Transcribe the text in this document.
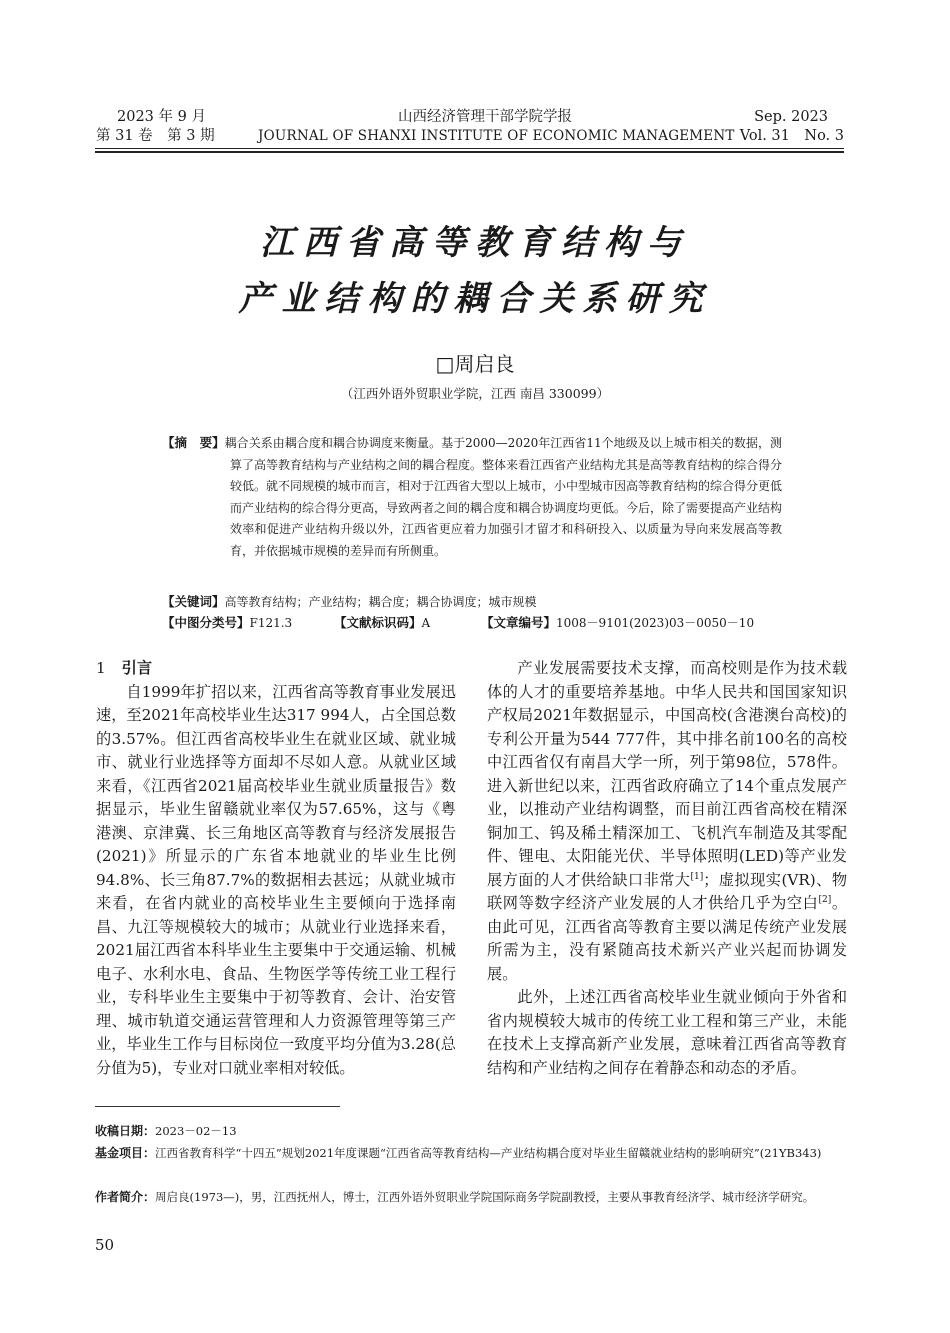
2023 年 9 月
第 31 卷　第 3 期
山西经济管理干部学院学报
JOURNAL OF SHANXI INSTITUTE OF ECONOMIC MANAGEMENT
Sep. 2023
Vol. 31　No. 3
江西省高等教育结构与
产业结构的耦合关系研究
□周启良
（江西外语外贸职业学院，江西 南昌 330099）

【摘　要】耦合关系由耦合度和耦合协调度来衡量。基于2000—2020年江西省11个地级及以上城市相关的数据，测算了高等教育结构与产业结构之间的耦合程度。整体来看江西省产业结构尤其是高等教育结构的综合得分较低。就不同规模的城市而言，相对于江西省大型以上城市，小中型城市因高等教育结构的综合得分更低而产业结构的综合得分更高，导致两者之间的耦合度和耦合协调度均更低。今后，除了需要提高产业结构效率和促进产业结构升级以外，江西省更应着力加强引才留才和科研投入、以质量为导向来发展高等教育，并依据城市规模的差异而有所侧重。

【关键词】高等教育结构；产业结构；耦合度；耦合协调度；城市规模
【中图分类号】F121.3	【文献标识码】A	【文章编号】1008－9101(2023)03－0050－10

1 引言

自1999年扩招以来，江西省高等教育事业发展迅速，至2021年高校毕业生达317 994人，占全国总数的3.57%。但江西省高校毕业生在就业区域、就业城市、就业行业选择等方面却不尽如人意。从就业区域来看，《江西省2021届高校毕业生就业质量报告》数据显示，毕业生留赣就业率仅为57.65%，这与《粤港澳、京津冀、长三角地区高等教育与经济发展报告(2021)》所显示的广东省本地就业的毕业生比例94.8%、长三角87.7%的数据相去甚远；从就业城市来看，在省内就业的高校毕业生主要倾向于选择南昌、九江等规模较大的城市；从就业行业选择来看，2021届江西省本科毕业生主要集中于交通运输、机械电子、水利水电、食品、生物医学等传统工业工程行业，专科毕业生主要集中于初等教育、会计、治安管理、城市轨道交通运营管理和人力资源管理等第三产业，毕业生工作与目标岗位一致度平均分值为3.28(总分值为5)，专业对口就业率相对较低。

产业发展需要技术支撑，而高校则是作为技术载体的人才的重要培养基地。中华人民共和国国家知识产权局2021年数据显示，中国高校(含港澳台高校)的专利公开量为544 777件，其中排名前100名的高校中江西省仅有南昌大学一所，列于第98位，578件。进入新世纪以来，江西省政府确立了14个重点发展产业，以推动产业结构调整，而目前江西省高校在精深铜加工、钨及稀土精深加工、飞机汽车制造及其零配件、锂电、太阳能光伏、半导体照明(LED)等产业发展方面的人才供给缺口非常大[1]；虚拟现实(VR)、物联网等数字经济产业发展的人才供给几乎为空白[2]。由此可见，江西省高等教育主要以满足传统产业发展所需为主，没有紧随高技术新兴产业兴起而协调发展。

此外，上述江西省高校毕业生就业倾向于外省和省内规模较大城市的传统工业工程和第三产业，未能在技术上支撑高新产业发展，意味着江西省高等教育结构和产业结构之间存在着静态和动态的矛盾。

收稿日期：2023－02－13

基金项目：江西省教育科学“十四五”规划2021年度课题“江西省高等教育结构—产业结构耦合度对毕业生留赣就业结构的影响研究”(21YB343)

作者简介：周启良(1973—)，男，江西抚州人，博士，江西外语外贸职业学院国际商务学院副教授，主要从事教育经济学、城市经济学研究。

50
